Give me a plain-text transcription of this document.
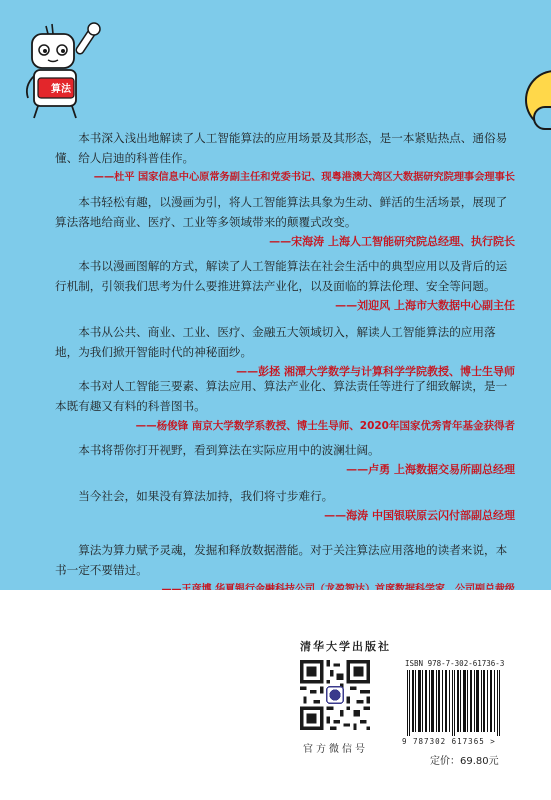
算法

本书深入浅出地解读了人工智能算法的应用场景及其形态，是一本紧贴热点、通俗易懂、给人启迪的科普佳作。

——杜平 国家信息中心原常务副主任和党委书记、现粤港澳大湾区大数据研究院理事会理事长

本书轻松有趣，以漫画为引，将人工智能算法具象为生动、鲜活的生活场景，展现了算法落地给商业、医疗、工业等多领域带来的颠覆式改变。

——宋海涛 上海人工智能研究院总经理、执行院长

本书以漫画图解的方式，解读了人工智能算法在社会生活中的典型应用以及背后的运行机制，引领我们思考为什么要推进算法产业化，以及面临的算法伦理、安全等问题。

——刘迎风 上海市大数据中心副主任

本书从公共、商业、工业、医疗、金融五大领域切入，解读人工智能算法的应用落地，为我们掀开智能时代的神秘面纱。

——彭拯 湘潭大学数学与计算科学学院教授、博士生导师

本书对人工智能三要素、算法应用、算法产业化、算法责任等进行了细致解读，是一本既有趣又有料的科普图书。

——杨俊锋 南京大学数学系教授、博士生导师、2020年国家优秀青年基金获得者

本书将帮你打开视野，看到算法在实际应用中的波澜壮阔。

——卢勇 上海数据交易所副总经理

当今社会，如果没有算法加持，我们将寸步难行。

——海涛 中国银联原云闪付部副总经理

算法为算力赋予灵魂，发掘和释放数据潜能。对于关注算法应用落地的读者来说，本书一定不要错过。

清华大学出版社
官方微信号
ISBN 978-7-302-61736-3
9 787302 617365 >
定价：69.80元
